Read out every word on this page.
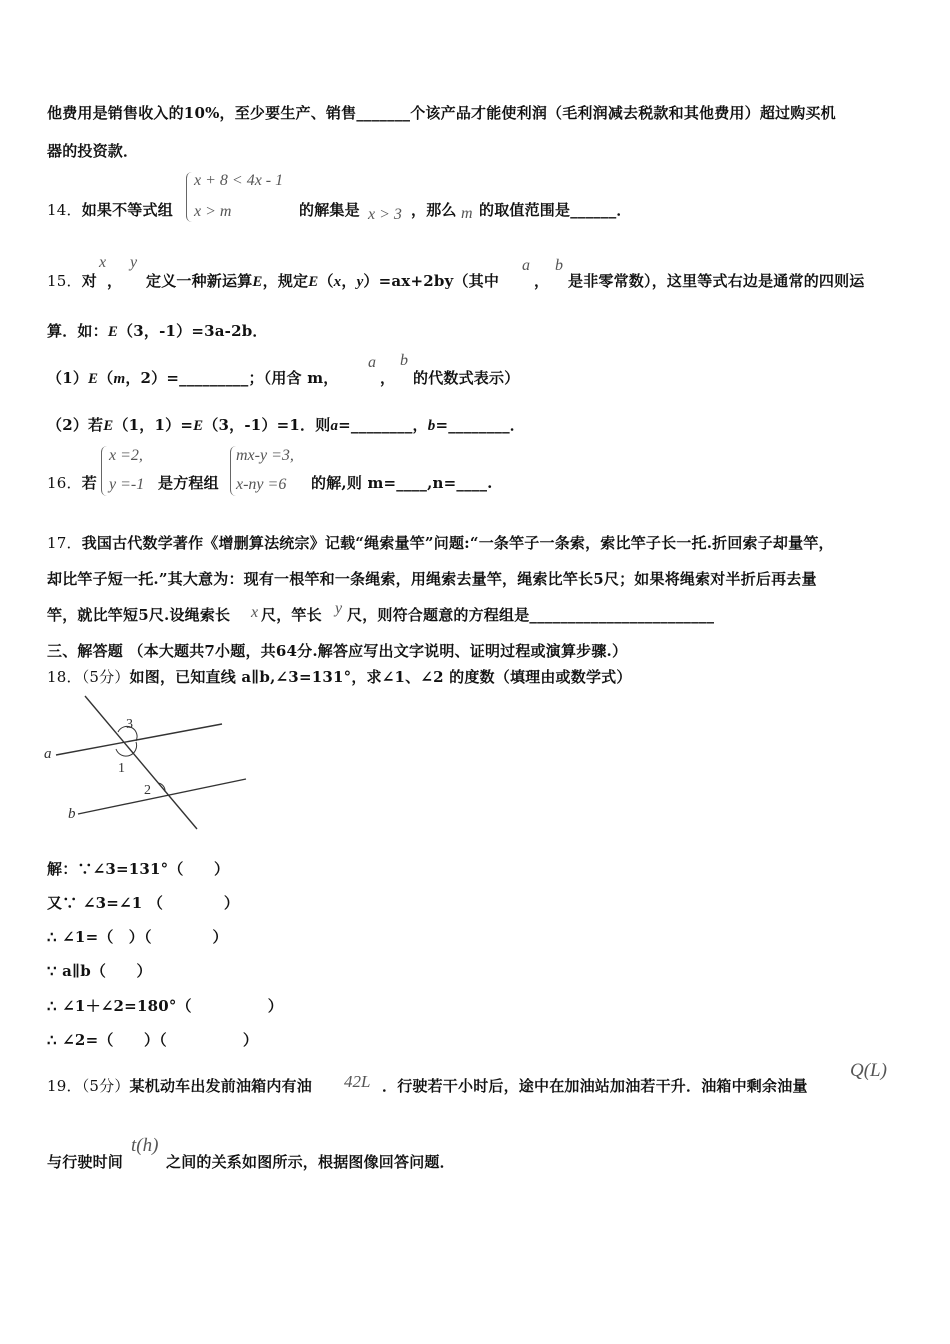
他费用是销售收入的10%，至少要生产、销售_______个该产品才能使利润（毛利润减去税款和其他费用）超过购买机
器的投资款．
14．如果不等式组
x + 8 < 4x - 1
x > m	的解集是 x > 3 ，那么 m 的取值范围是______．
15．对
x
，
y
定义一种新运算E，规定E（x，y）=ax+2by（其中
a
，
b
是非零常数），这里等式右边是通常的四则运
算．如：E（3，-1）=3a-2b．
（1）E（m，2）=_________；（用含 m，
a
，
b
的代数式表示）
（2）若E（1，1）=E（3，-1）=1．则a=________，b=________．
16．若
x =2,
y =-1 是方程组
mx-y =3,
x-ny =6 的解,则 m=____,n=____.
17．我国古代数学著作《增删算法统宗》记载“绳索量竿”问题:“一条竿子一条索，索比竿子长一托.折回索子却量竿，
却比竿子短一托.”其大意为：现有一根竿和一条绳索，用绳索去量竿，绳索比竿长5尺；如果将绳索对半折后再去量
竿，就比竿短5尺.设绳索长 x 尺，竿长 y 尺，则符合题意的方程组是________________________
三、解答题 （本大题共7小题，共64分.解答应写出文字说明、证明过程或演算步骤.）
18．（5分）如图，已知直线 a∥b,∠3=131°，求∠1、∠2 的度数（填理由或数学式）
a
b
3
1
2
解：∵∠3=131°（　　）
又∵ ∠3=∠1 （　　　　）
∴ ∠1=（　）（　　　　）
∵ a∥b（　　）
∴ ∠1＋∠2=180°（　　　　　）
∴ ∠2=（　　）（　　　　　）
19．（5分）某机动车出发前油箱内有油 42L ．行驶若干小时后，途中在加油站加油若干升．油箱中剩余油量
Q(L)
与行驶时间
t(h)
之间的关系如图所示，根据图像回答问题．
